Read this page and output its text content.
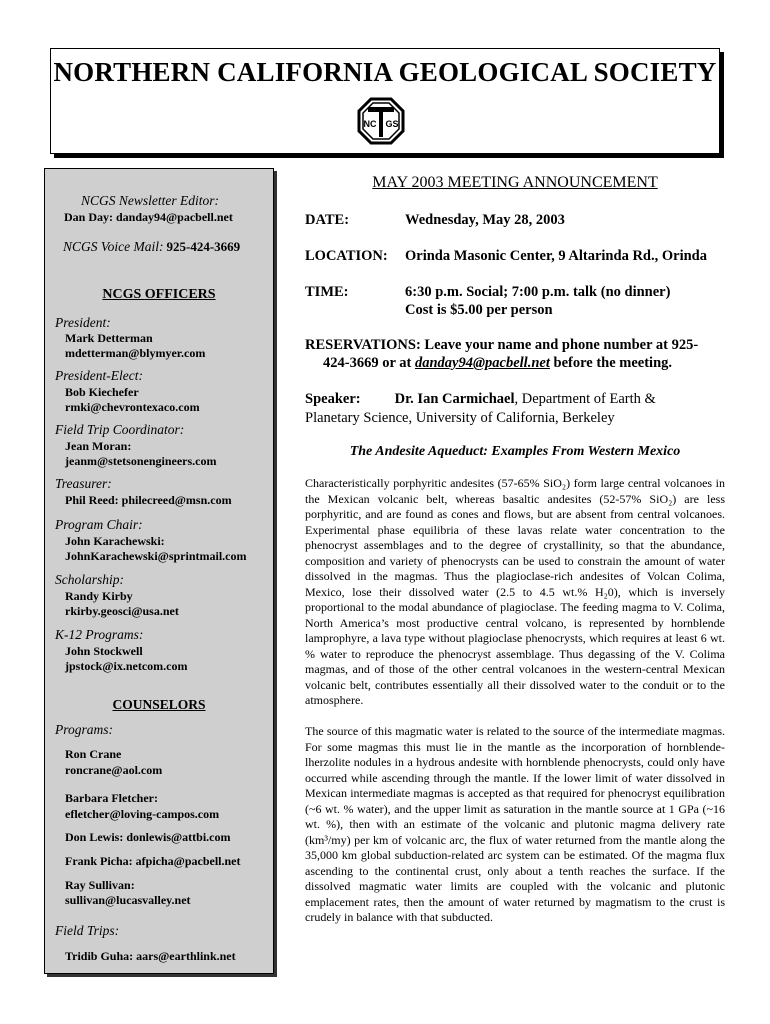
NORTHERN CALIFORNIA GEOLOGICAL SOCIETY
NC GS
NCGS Newsletter Editor:
Dan Day: danday94@pacbell.net
NCGS Voice Mail: 925-424-3669
NCGS OFFICERS
President:
Mark Detterman
mdetterman@blymyer.com
President-Elect:
Bob Kiechefer
rmki@chevrontexaco.com
Field Trip Coordinator:
Jean Moran:
jeanm@stetsonengineers.com
Treasurer:
Phil Reed: philecreed@msn.com
Program Chair:
John Karachewski:
JohnKarachewski@sprintmail.com
Scholarship:
Randy Kirby
rkirby.geosci@usa.net
K-12 Programs:
John Stockwell
jpstock@ix.netcom.com
COUNSELORS
Programs:
Ron Crane
roncrane@aol.com
Barbara Fletcher:
efletcher@loving-campos.com
Don Lewis: donlewis@attbi.com
Frank Picha: afpicha@pacbell.net
Ray Sullivan:
sullivan@lucasvalley.net
Field Trips:
Tridib Guha: aars@earthlink.net
MAY 2003 MEETING ANNOUNCEMENT
DATE:	Wednesday, May 28, 2003
LOCATION: Orinda Masonic Center, 9 Altarinda Rd., Orinda
TIME:	6:30 p.m. Social; 7:00 p.m. talk (no dinner)
Cost is $5.00 per person
RESERVATIONS: Leave your name and phone number at 925-
424-3669 or at danday94@pacbell.net before the meeting.
Speaker: Dr. Ian Carmichael, Department of Earth &
Planetary Science, University of California, Berkeley
The Andesite Aqueduct: Examples From Western Mexico
Characteristically porphyritic andesites (57-65% SiO₂) form large central volcanoes in the Mexican volcanic belt, whereas basaltic andesites (52-57% SiO₂) are less porphyritic, and are found as cones and flows, but are absent from central volcanoes. Experimental phase equilibria of these lavas relate water concentration to the phenocryst assemblages and to the degree of crystallinity, so that the abundance, composition and variety of phenocrysts can be used to constrain the amount of water dissolved in the magmas. Thus the plagioclase-rich andesites of Volcan Colima, Mexico, lose their dissolved water (2.5 to 4.5 wt.% H₂0), which is inversely proportional to the modal abundance of plagioclase. The feeding magma to V. Colima, North America’s most productive central volcano, is represented by hornblende lamprophyre, a lava type without plagioclase phenocrysts, which requires at least 6 wt. % water to reproduce the phenocryst assemblage. Thus degassing of the V. Colima magmas, and of those of the other central volcanoes in the western-central Mexican volcanic belt, contributes essentially all their dissolved water to the conduit or to the atmosphere.
The source of this magmatic water is related to the source of the intermediate magmas. For some magmas this must lie in the mantle as the incorporation of hornblende-lherzolite nodules in a hydrous andesite with hornblende phenocrysts, could only have occurred while ascending through the mantle. If the lower limit of water dissolved in Mexican intermediate magmas is accepted as that required for phenocryst equilibration (~6 wt. % water), and the upper limit as saturation in the mantle source at 1 GPa (~16 wt. %), then with an estimate of the volcanic and plutonic magma delivery rate (km³/my) per km of volcanic arc, the flux of water returned from the mantle along the 35,000 km global subduction-related arc system can be estimated. Of the magma flux ascending to the continental crust, only about a tenth reaches the surface. If the dissolved magmatic water limits are coupled with the volcanic and plutonic emplacement rates, then the amount of water returned by magmatism to the crust is crudely in balance with that subducted.
